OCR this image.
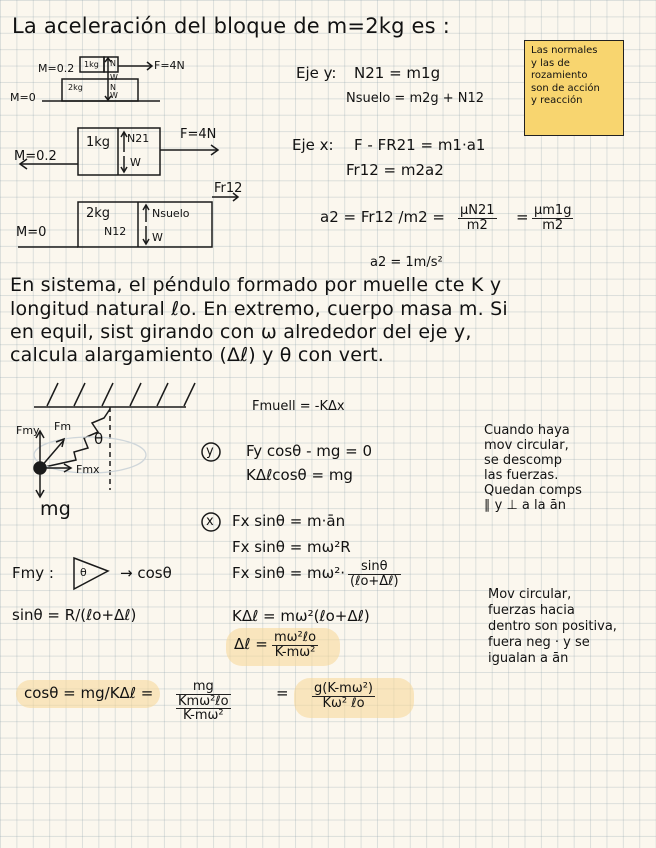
La aceleración del bloque de m=2kg es :
Las normales
y las de
rozamiento
son de acción
y reacción
1kg
M=0.2	F=4N
M=0
2kg
N
W
N
W
1kg N21
W
F=4N
M=0.2
Fr12
2kg	Nsuelo
N12 W
M=0
Eje y: N21 = m1g
Nsuelo = m2g + N12
Eje x: F - FR21 = m1·a1
Fr12 = m2a2
a2 = Fr12 $/m2 = \frac{\mu N21}{m2} = \frac{\mu m1g}{m2}$
a2 = 1m/s²
En sistema, el péndulo formado por muelle cte K y
longitud natural ℓo. En extremo, cuerpo masa m. Si
en equil, sist girando con ω alrededor del eje y,
calcula alargamiento (Δℓ) y θ con vert.
Fm
Fmy	θ
Fmx
mg
Fmuell = -KΔx
y Fy cosθ - mg = 0
KΔℓcosθ = mg
x Fx sinθ = m·ān
Fx sinθ = mω²R
Fx sinθ = mω²·	sinθ
(ℓo+Δℓ)
KΔℓ = mω²(ℓo+Δℓ)
Δℓ = mω²ℓo
K-mω²
Fmy : θ → cosθ
sinθ = R/(ℓo+Δℓ)
cosθ = mg/KΔℓ =	mg
Kmω²ℓo
K-mω²
= g(K-mω²)
Kω² ℓo
Cuando haya
mov circular,
se descomp
las fuerzas.
Quedan comps
∥ y ⊥ a la ān
Mov circular,
fuerzas hacia
dentro son positiva,
fuera neg · y se
igualan a ān
